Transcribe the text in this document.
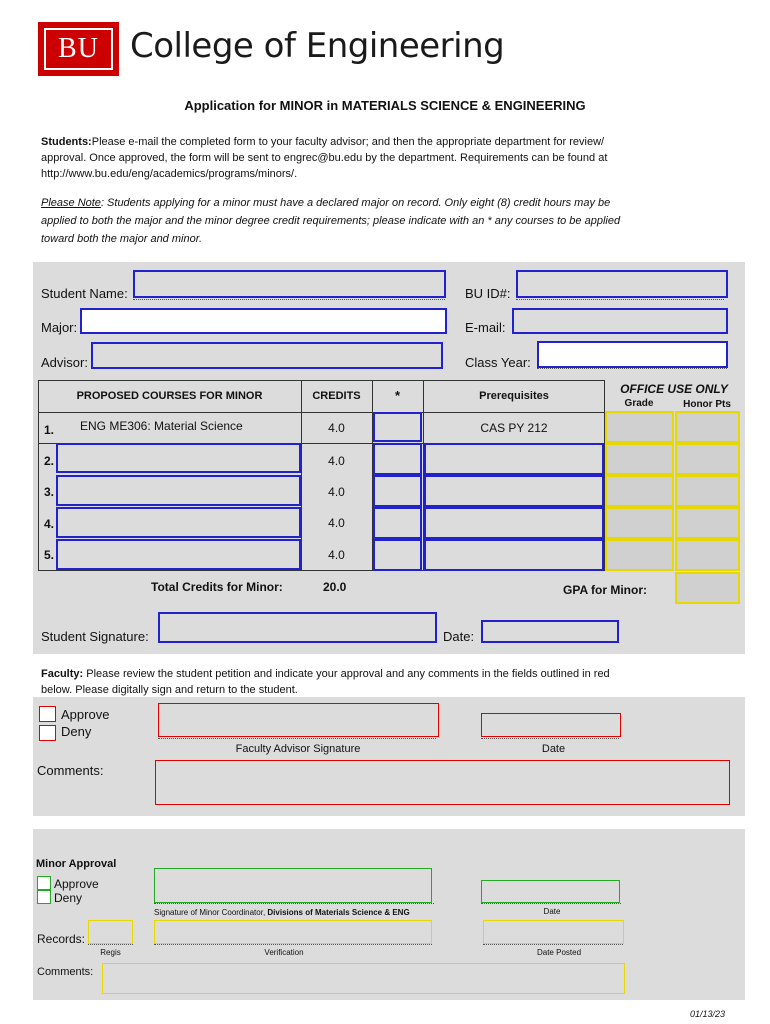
BU College of Engineering
Application for MINOR in MATERIALS SCIENCE & ENGINEERING
Students:Please e-mail the completed form to your faculty advisor; and then the appropriate department for review/
approval. Once approved, the form will be sent to engrec@bu.edu by the department. Requirements can be found at
http://www.bu.edu/eng/academics/programs/minors/.
Please Note: Students applying for a minor must have a declared major on record. Only eight (8) credit hours may be
applied to both the major and the minor degree credit requirements; please indicate with an * any courses to be applied
toward both the major and minor.
Student Name:	BU ID#:
Major:	E-mail:
Advisor:	Class Year:
PROPOSED COURSES FOR MINOR	CREDITS	*	Prerequisites	OFFICE USE ONLY
Grade	Honor Pts
1. ENG ME306: Material Science	4.0	CAS PY 212
2.	4.0
3.	4.0
4.	4.0
5.	4.0
Total Credits for Minor:	20.0	GPA for Minor:
Student Signature:	Date:
Faculty: Please review the student petition and indicate your approval and any comments in the fields outlined in red
below. Please digitally sign and return to the student.
Approve
Deny
Faculty Advisor Signature	Date
Comments:
Minor Approval
Approve
Deny
Signature of Minor Coordinator, Divisions of Materials Science & ENG	Date
Records:
Regis	Verification	Date Posted
Comments:
01/13/23
